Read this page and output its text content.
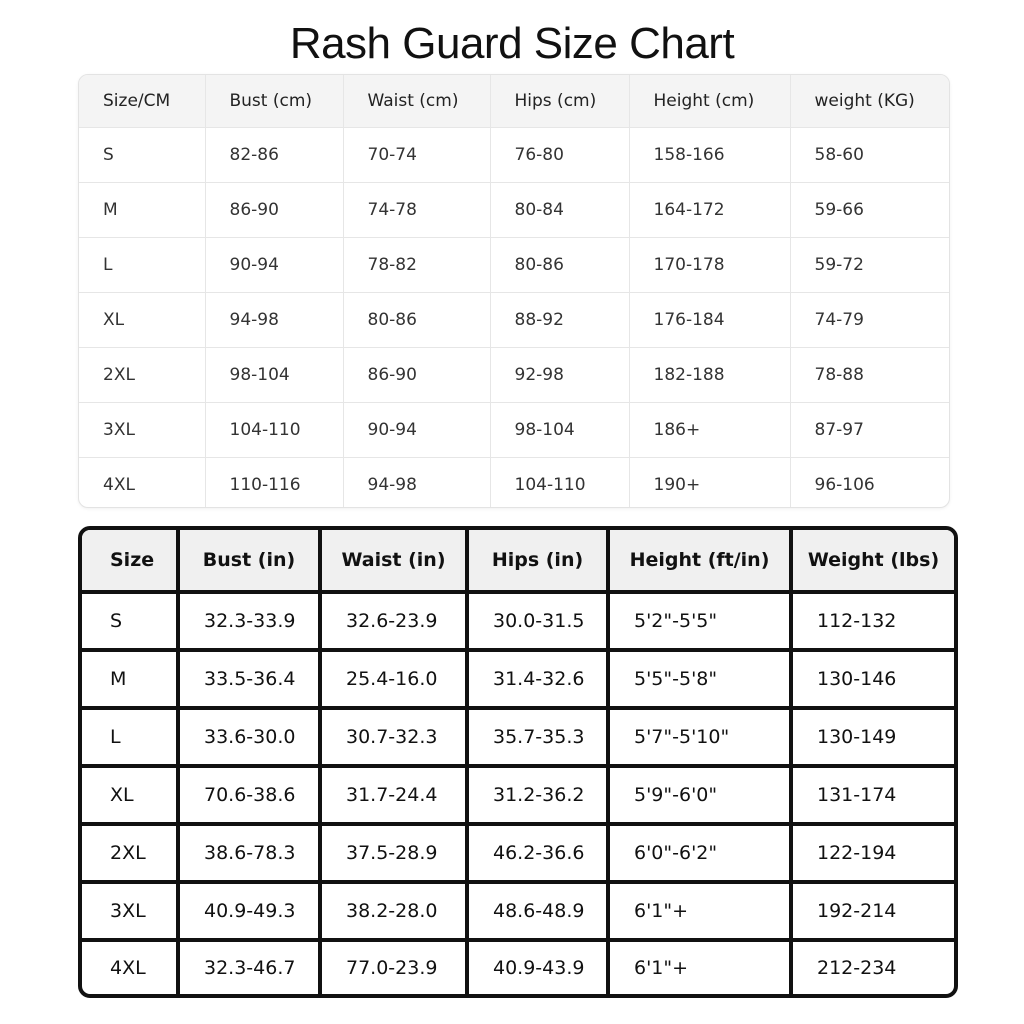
Rash Guard Size Chart
Size/CM	Bust (cm)	Waist (cm)	Hips (cm)	Height (cm)	weight (KG)
S	82-86	70-74	76-80	158-166	58-60
M	86-90	74-78	80-84	164-172	59-66
L	90-94	78-82	80-86	170-178	59-72
XL	94-98	80-86	88-92	176-184	74-79
2XL	98-104	86-90	92-98	182-188	78-88
3XL	104-110	90-94	98-104	186+	87-97
4XL	110-116	94-98	104-110	190+	96-106
Size	Bust (in)	Waist (in)	Hips (in)	Height (ft/in)	Weight (lbs)
S	32.3-33.9	32.6-23.9	30.0-31.5	5'2"-5'5"	112-132
M	33.5-36.4	25.4-16.0	31.4-32.6	5'5"-5'8"	130-146
L	33.6-30.0	30.7-32.3	35.7-35.3	5'7"-5'10"	130-149
XL	70.6-38.6	31.7-24.4	31.2-36.2	5'9"-6'0"	131-174
2XL	38.6-78.3	37.5-28.9	46.2-36.6	6'0"-6'2"	122-194
3XL	40.9-49.3	38.2-28.0	48.6-48.9	6'1"+	192-214
4XL	32.3-46.7	77.0-23.9	40.9-43.9	6'1"+	212-234
